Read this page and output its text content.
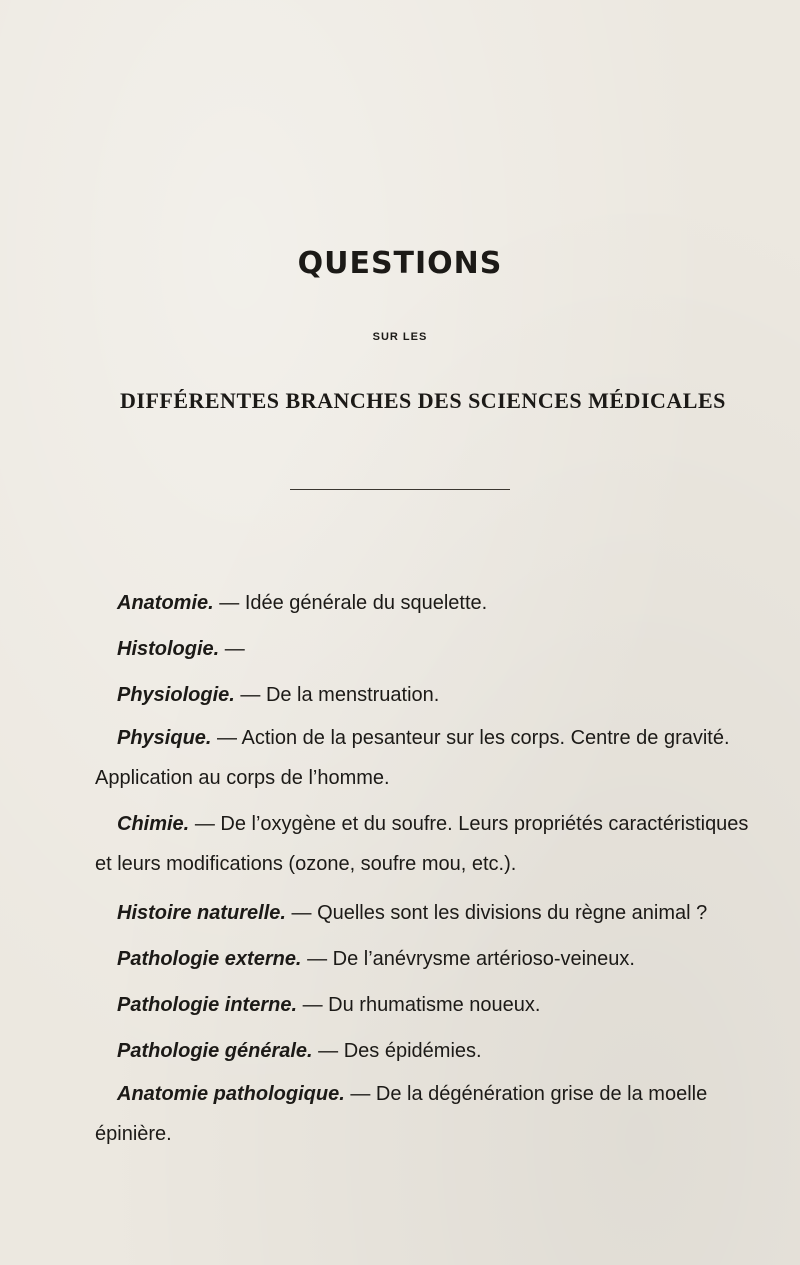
QUESTIONS
SUR LES
DIFFÉRENTES BRANCHES DES SCIENCES MÉDICALES

Anatomie. — Idée générale du squelette.

Histologie. —

Physiologie. — De la menstruation.

Physique. — Action de la pesanteur sur les corps. Centre de gravité. Application au corps de l’homme.

Chimie. — De l’oxygène et du soufre. Leurs propriétés caractéristiques et leurs modifications (ozone, soufre mou, etc.).

Histoire naturelle. — Quelles sont les divisions du règne animal ?

Pathologie externe. — De l’anévrysme artérioso-veineux.

Pathologie interne. — Du rhumatisme noueux.

Pathologie générale. — Des épidémies.

Anatomie pathologique. — De la dégénération grise de la moelle épinière.
